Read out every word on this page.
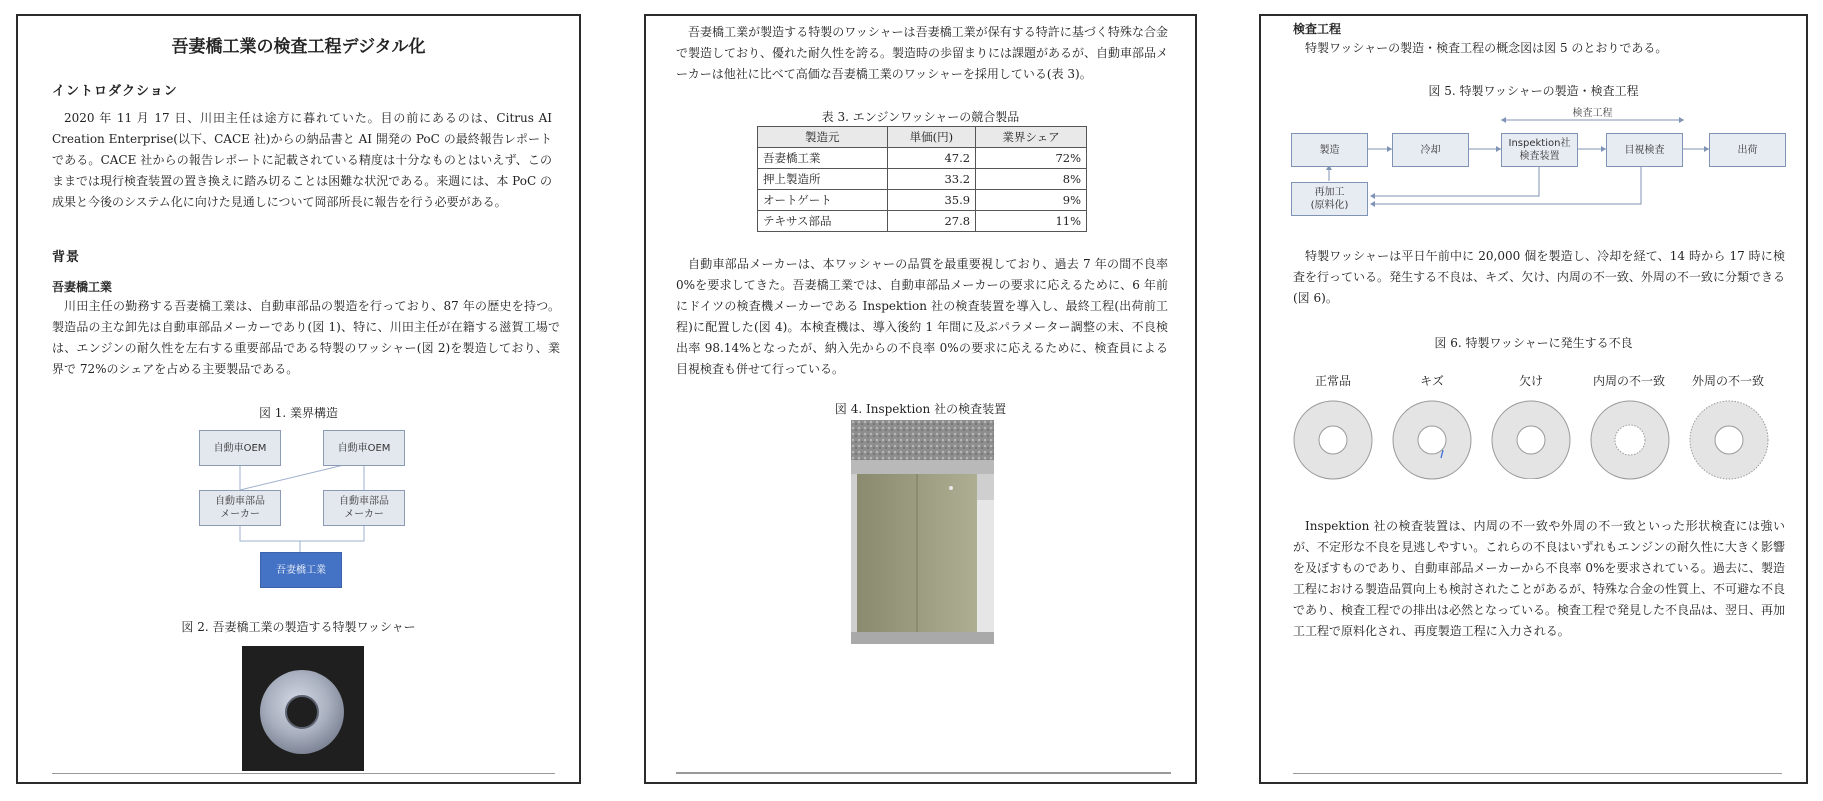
吾妻橋工業の検査工程デジタル化
イントロダクション

2020 年 11 月 17 日、川田主任は途方に暮れていた。目の前にあるのは、Citrus AI Creation Enterprise(以下、CACE 社)からの納品書と AI 開発の PoC の最終報告レポートである。CACE 社からの報告レポートに記載されている精度は十分なものとはいえず、このままでは現行検査装置の置き換えに踏み切ることは困難な状況である。来週には、本 PoC の成果と今後のシステム化に向けた見通しについて岡部所長に報告を行う必要がある。

背景
吾妻橋工業

川田主任の勤務する吾妻橋工業は、自動車部品の製造を行っており、87 年の歴史を持つ。製造品の主な卸先は自動車部品メーカーであり(図 1)、特に、川田主任が在籍する滋賀工場では、エンジンの耐久性を左右する重要部品である特製のワッシャー(図 2)を製造しており、業界で 72%のシェアを占める主要製品である。

図 1. 業界構造
自動車OEM	自動車OEM
自動車部品
メーカー
自動車部品
メーカー
吾妻橋工業
図 2. 吾妻橋工業の製造する特製ワッシャー

吾妻橋工業が製造する特製のワッシャーは吾妻橋工業が保有する特許に基づく特殊な合金で製造しており、優れた耐久性を誇る。製造時の歩留まりには課題があるが、自動車部品メーカーは他社に比べて高価な吾妻橋工業のワッシャーを採用している(表 3)。

表 3. エンジンワッシャーの競合製品
製造元	単価(円)	業界シェア
吾妻橋工業	47.2	72%
押上製造所	33.2	8%
オートゲート	35.9	9%
テキサス部品	27.8	11%

自動車部品メーカーは、本ワッシャーの品質を最重要視しており、過去 7 年の間不良率 0%を要求してきた。吾妻橋工業では、自動車部品メーカーの要求に応えるために、6 年前にドイツの検査機メーカーである Inspektion 社の検査装置を導入し、最終工程(出荷前工程)に配置した(図 4)。本検査機は、導入後約 1 年間に及ぶパラメーター調整の末、不良検出率 98.14%となったが、納入先からの不良率 0%の要求に応えるために、検査員による目視検査も併せて行っている。

図 4. Inspektion 社の検査装置
検査工程

特製ワッシャーの製造・検査工程の概念図は図 5 のとおりである。

図 5. 特製ワッシャーの製造・検査工程
検査工程
製造	冷却
Inspektion社
検査装置
目視検査	出荷
再加工
(原料化)

特製ワッシャーは平日午前中に 20,000 個を製造し、冷却を経て、14 時から 17 時に検査を行っている。発生する不良は、キズ、欠け、内周の不一致、外周の不一致に分類できる(図 6)。

図 6. 特製ワッシャーに発生する不良
正常品	キズ	欠け	内周の不一致	外周の不一致

Inspektion 社の検査装置は、内周の不一致や外周の不一致といった形状検査には強いが、不定形な不良を見逃しやすい。これらの不良はいずれもエンジンの耐久性に大きく影響を及ぼすものであり、自動車部品メーカーから不良率 0%を要求されている。過去に、製造工程における製造品質向上も検討されたことがあるが、特殊な合金の性質上、不可避な不良であり、検査工程での排出は必然となっている。検査工程で発見した不良品は、翌日、再加工工程で原料化され、再度製造工程に入力される。
